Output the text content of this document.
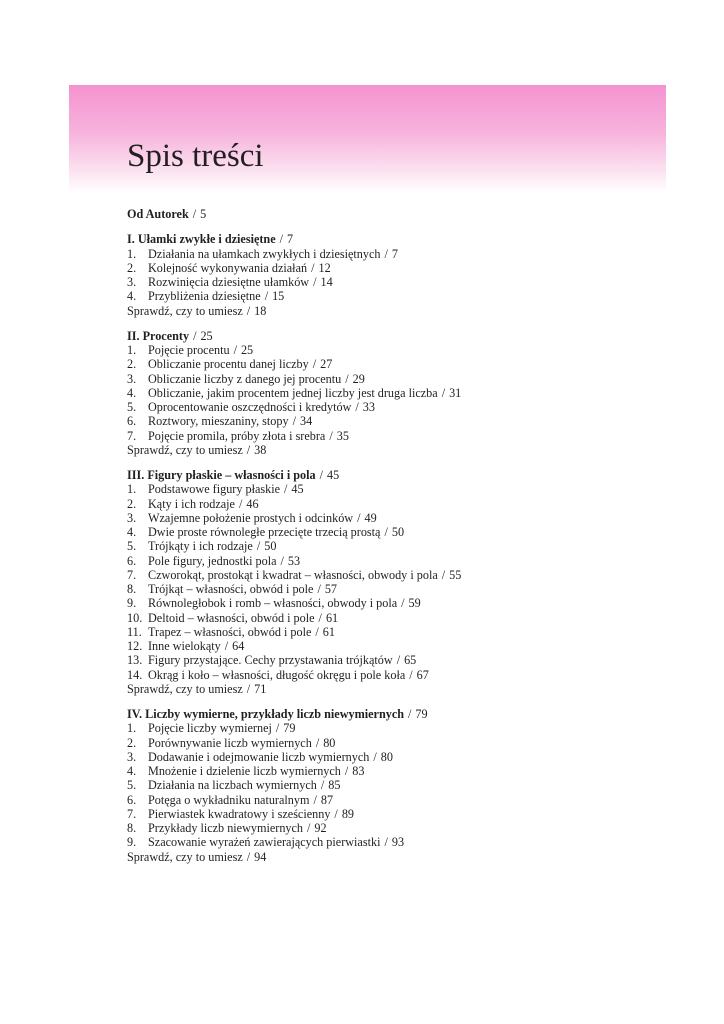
Spis treści
Od Autorek / 5
I. Ułamki zwykłe i dziesiętne / 7
1. Działania na ułamkach zwykłych i dziesiętnych / 7
2. Kolejność wykonywania działań / 12
3. Rozwinięcia dziesiętne ułamków / 14
4. Przybliżenia dziesiętne / 15
Sprawdź, czy to umiesz / 18
II. Procenty / 25
1. Pojęcie procentu / 25
2. Obliczanie procentu danej liczby / 27
3. Obliczanie liczby z danego jej procentu / 29
4. Obliczanie, jakim procentem jednej liczby jest druga liczba / 31
5. Oprocentowanie oszczędności i kredytów / 33
6. Roztwory, mieszaniny, stopy / 34
7. Pojęcie promila, próby złota i srebra / 35
Sprawdź, czy to umiesz / 38
III. Figury płaskie – własności i pola / 45
1. Podstawowe figury płaskie / 45
2. Kąty i ich rodzaje / 46
3. Wzajemne położenie prostych i odcinków / 49
4. Dwie proste równoległe przecięte trzecią prostą / 50
5. Trójkąty i ich rodzaje / 50
6. Pole figury, jednostki pola / 53
7. Czworokąt, prostokąt i kwadrat – własności, obwody i pola / 55
8. Trójkąt – własności, obwód i pole / 57
9. Równoległobok i romb – własności, obwody i pola / 59
10. Deltoid – własności, obwód i pole / 61
11. Trapez – własności, obwód i pole / 61
12. Inne wielokąty / 64
13. Figury przystające. Cechy przystawania trójkątów / 65
14. Okrąg i koło – własności, długość okręgu i pole koła / 67
Sprawdź, czy to umiesz / 71
IV. Liczby wymierne, przykłady liczb niewymiernych / 79
1. Pojęcie liczby wymiernej / 79
2. Porównywanie liczb wymiernych / 80
3. Dodawanie i odejmowanie liczb wymiernych / 80
4. Mnożenie i dzielenie liczb wymiernych / 83
5. Działania na liczbach wymiernych / 85
6. Potęga o wykładniku naturalnym / 87
7. Pierwiastek kwadratowy i sześcienny / 89
8. Przykłady liczb niewymiernych / 92
9. Szacowanie wyrażeń zawierających pierwiastki / 93
Sprawdź, czy to umiesz / 94
